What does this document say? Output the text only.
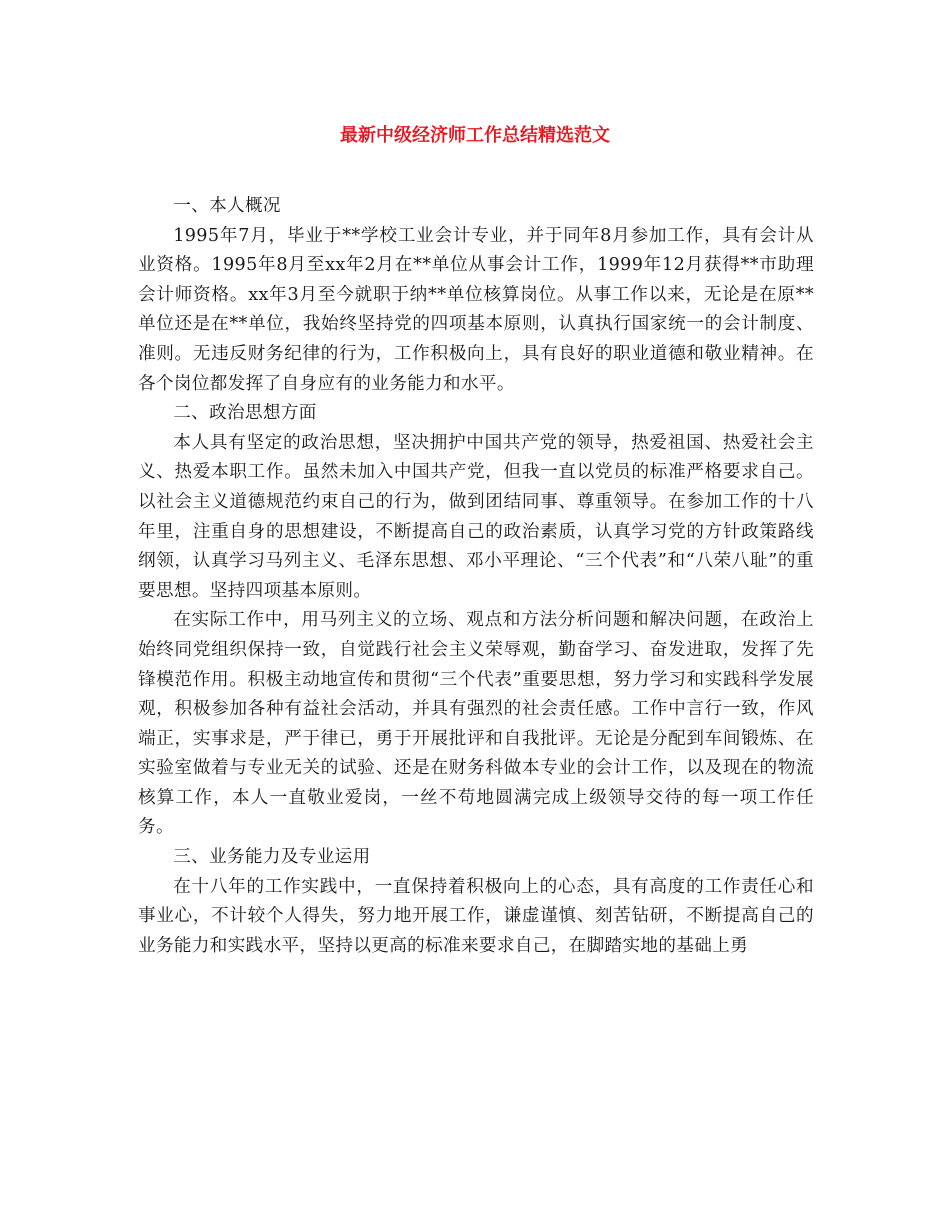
最新中级经济师工作总结精选范文

一、本人概况

1995年7月，毕业于**学校工业会计专业，并于同年8月参加工作，具有会计从业资格。1995年8月至xx年2月在**单位从事会计工作，1999年12月获得**市助理会计师资格。xx年3月至今就职于纳**单位核算岗位。从事工作以来，无论是在原**单位还是在**单位，我始终坚持党的四项基本原则，认真执行国家统一的会计制度、准则。无违反财务纪律的行为，工作积极向上，具有良好的职业道德和敬业精神。在各个岗位都发挥了自身应有的业务能力和水平。

二、政治思想方面

本人具有坚定的政治思想，坚决拥护中国共产党的领导，热爱祖国、热爱社会主义、热爱本职工作。虽然未加入中国共产党，但我一直以党员的标准严格要求自己。以社会主义道德规范约束自己的行为，做到团结同事、尊重领导。在参加工作的十八年里，注重自身的思想建设，不断提高自己的政治素质，认真学习党的方针政策路线纲领，认真学习马列主义、毛泽东思想、邓小平理论、“三个代表”和“八荣八耻”的重要思想。坚持四项基本原则。

在实际工作中，用马列主义的立场、观点和方法分析问题和解决问题，在政治上始终同党组织保持一致，自觉践行社会主义荣辱观，勤奋学习、奋发进取，发挥了先锋模范作用。积极主动地宣传和贯彻“三个代表”重要思想，努力学习和实践科学发展观，积极参加各种有益社会活动，并具有强烈的社会责任感。工作中言行一致，作风端正，实事求是，严于律已，勇于开展批评和自我批评。无论是分配到车间锻炼、在实验室做着与专业无关的试验、还是在财务科做本专业的会计工作，以及现在的物流核算工作，本人一直敬业爱岗，一丝不苟地圆满完成上级领导交待的每一项工作任务。

三、业务能力及专业运用

在十八年的工作实践中，一直保持着积极向上的心态，具有高度的工作责任心和事业心，不计较个人得失，努力地开展工作，谦虚谨慎、刻苦钻研，不断提高自己的业务能力和实践水平，坚持以更高的标准来要求自己，在脚踏实地的基础上勇
